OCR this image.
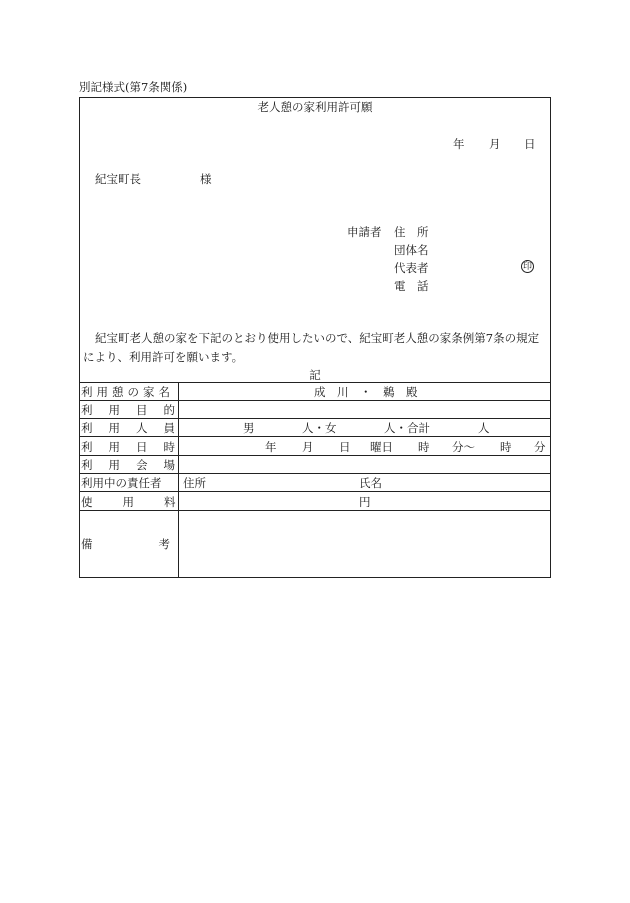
別記様式(第7条関係)
老人憩の家利用許可願
年 月 日
紀宝町長	様
申請者 住　所
団体名
代表者	印
電　話
紀宝町老人憩の家を下記のとおり使用したいので、紀宝町老人憩の家条例第7条の規定
により、利用許可を願います。
記
利用憩の家名	成　川　・　鵜　殿
利用目的
利用人員	男	人・女	人・合計	人
利用日時	年 月 日 曜日 時 分〜 時 分
利用会場
利用中の責任者 住所	氏名
使用料	円
備考
